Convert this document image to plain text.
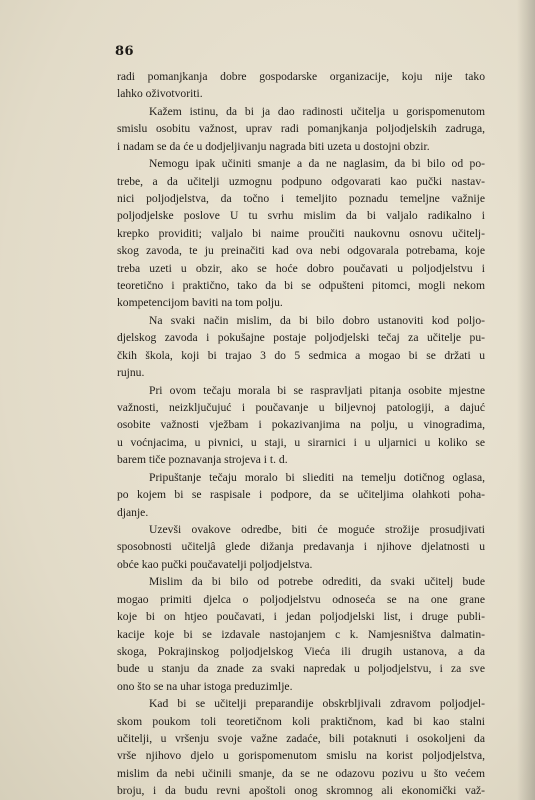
86
radi pomanjkanja dobre gospodarske organizacije, koju nije tako
lahko oživotvoriti.
Kažem istinu, da bi ja dao radinosti učitelja u gorispomenutom
smislu osobitu važnost, uprav radi pomanjkanja poljodjelskih zadruga,
i nadam se da će u dodjeljivanju nagrada biti uzeta u dostojni obzir.
Nemogu ipak učiniti smanje a da ne naglasim, da bi bilo od po-
trebe, a da učitelji uzmognu podpuno odgovarati kao pučki nastav-
nici poljodjelstva, da točno i temeljito poznadu temeljne važnije
poljodjelske poslove U tu svrhu mislim da bi valjalo radikalno i
krepko providiti; valjalo bi naime proučiti naukovnu osnovu učitelj-
skog zavoda, te ju preinačiti kad ova nebi odgovarala potrebama, koje
treba uzeti u obzir, ako se hoće dobro poučavati u poljodjelstvu i
teoretično i praktično, tako da bi se odpušteni pitomci, mogli nekom
kompetencijom baviti na tom polju.
Na svaki način mislim, da bi bilo dobro ustanoviti kod poljo-
djelskog zavoda i pokušajne postaje poljodjelski tečaj za učitelje pu-
čkih škola, koji bi trajao 3 do 5 sedmica a mogao bi se držati u
rujnu.
Pri ovom tečaju morala bi se raspravljati pitanja osobite mjestne
važnosti, neizključujuć i poučavanje u biljevnoj patologiji, a dajuć
osobite važnosti vježbam i pokazivanjima na polju, u vinogradima,
u voćnjacima, u pivnici, u staji, u sirarnici i u uljarnici u koliko se
barem tiče poznavanja strojeva i t. d.
Pripuštanje tečaju moralo bi sliediti na temelju dotičnog oglasa,
po kojem bi se raspisale i podpore, da se učiteljima olahkoti poha-
djanje.
Uzevši ovakove odredbe, biti će moguće strožije prosudjivati
sposobnosti učiteljâ glede dižanja predavanja i njihove djelatnosti u
obće kao pučki poučavatelji poljodjelstva.
Mislim da bi bilo od potrebe odrediti, da svaki učitelj bude
mogao primiti djelca o poljodjelstvu odnoseća se na one grane
koje bi on htjeo poučavati, i jedan poljodjelski list, i druge publi-
kacije koje bi se izdavale nastojanjem c k. Namjesništva dalmatin-
skoga, Pokrajinskog poljodjelskog Vieća ili drugih ustanova, a da
bude u stanju da znade za svaki napredak u poljodjelstvu, i za sve
ono što se na uhar istoga preduzimlje.
Kad bi se učitelji preparandije obskrbljivali zdravom poljodjel-
skom poukom toli teoretičnom koli praktičnom, kad bi kao stalni
učitelji, u vršenju svoje važne zadaće, bili potaknuti i osokoljeni da
vrše njihovo djelo u gorispomenutom smislu na korist poljodjelstva,
mislim da nebi učinili smanje, da se ne odazovu pozivu u što većem
broju, i da budu revni apoštoli onog skromnog ali ekonomički važ-
